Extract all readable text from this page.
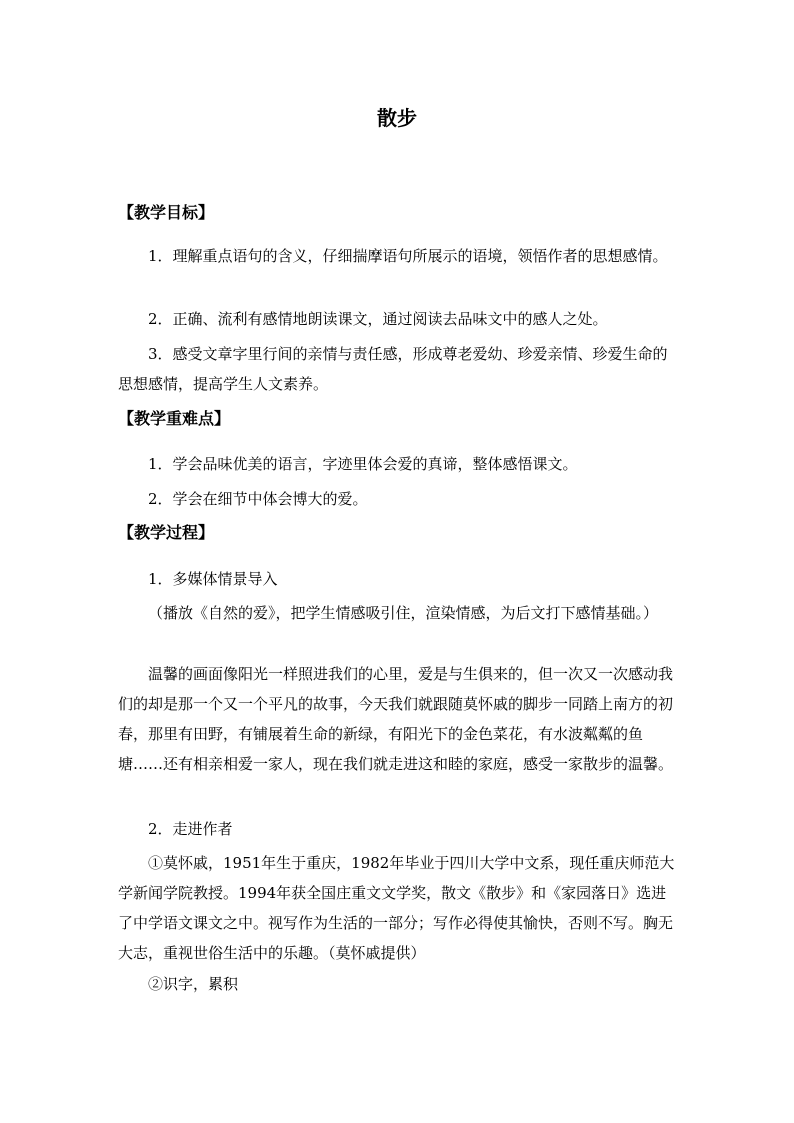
散步
【教学目标】

1．理解重点语句的含义，仔细揣摩语句所展示的语境，领悟作者的思想感情。

2．正确、流利有感情地朗读课文，通过阅读去品味文中的感人之处。

3．感受文章字里行间的亲情与责任感，形成尊老爱幼、珍爱亲情、珍爱生命的思想感情，提高学生人文素养。

【教学重难点】

1．学会品味优美的语言，字迹里体会爱的真谛，整体感悟课文。

2．学会在细节中体会博大的爱。

【教学过程】

1．多媒体情景导入

（播放《自然的爱》，把学生情感吸引住，渲染情感，为后文打下感情基础。）

温馨的画面像阳光一样照进我们的心里，爱是与生俱来的，但一次又一次感动我们的却是那一个又一个平凡的故事，今天我们就跟随莫怀戚的脚步一同踏上南方的初春，那里有田野，有铺展着生命的新绿，有阳光下的金色菜花，有水波粼粼的鱼塘……还有相亲相爱一家人，现在我们就走进这和睦的家庭，感受一家散步的温馨。

2．走进作者

①莫怀戚，1951年生于重庆，1982年毕业于四川大学中文系，现任重庆师范大学新闻学院教授。1994年获全国庄重文文学奖，散文《散步》和《家园落日》选进了中学语文课文之中。视写作为生活的一部分；写作必得使其愉快，否则不写。胸无大志，重视世俗生活中的乐趣。（莫怀戚提供）

②识字，累积
